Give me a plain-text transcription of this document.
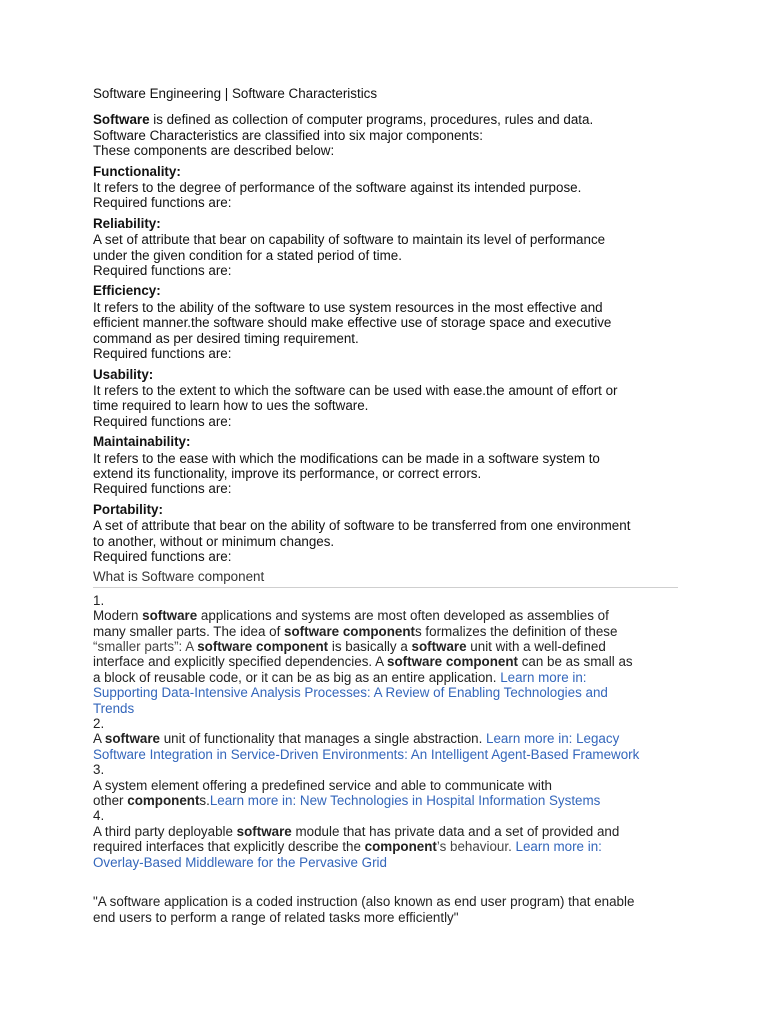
Software Engineering | Software Characteristics

Software is defined as collection of computer programs, procedures, rules and data.

Software Characteristics are classified into six major components:

These components are described below:

Functionality:

It refers to the degree of performance of the software against its intended purpose.

Required functions are:

Reliability:

A set of attribute that bear on capability of software to maintain its level of performance

under the given condition for a stated period of time.

Required functions are:

Efficiency:

It refers to the ability of the software to use system resources in the most effective and

efficient manner.the software should make effective use of storage space and executive

command as per desired timing requirement.

Required functions are:

Usability:

It refers to the extent to which the software can be used with ease.the amount of effort or

time required to learn how to ues the software.

Required functions are:

Maintainability:

It refers to the ease with which the modifications can be made in a software system to

extend its functionality, improve its performance, or correct errors.

Required functions are:

Portability:

A set of attribute that bear on the ability of software to be transferred from one environment

to another, without or minimum changes.

Required functions are:

What is Software component

1.

Modern software applications and systems are most often developed as assemblies of

many smaller parts. The idea of software components formalizes the definition of these

“smaller parts”: A software component is basically a software unit with a well-defined

interface and explicitly specified dependencies. A software component can be as small as

a block of reusable code, or it can be as big as an entire application. Learn more in:

Supporting Data-Intensive Analysis Processes: A Review of Enabling Technologies and

Trends

2.

A software unit of functionality that manages a single abstraction. Learn more in: Legacy

Software Integration in Service-Driven Environments: An Intelligent Agent-Based Framework

3.

A system element offering a predefined service and able to communicate with

other components.Learn more in: New Technologies in Hospital Information Systems

4.

A third party deployable software module that has private data and a set of provided and

required interfaces that explicitly describe the component’s behaviour. Learn more in:

Overlay-Based Middleware for the Pervasive Grid

"A software application is a coded instruction (also known as end user program) that enable

end users to perform a range of related tasks more efficiently"
